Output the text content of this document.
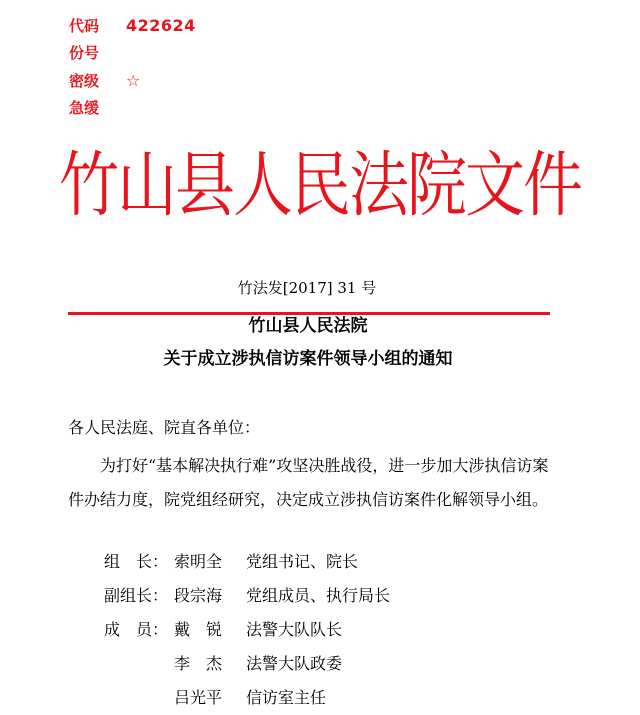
代码 422624
份号
密级 ☆
急缓
竹山县人民法院文件
竹法发[2017] 31 号
竹山县人民法院
关于成立涉执信访案件领导小组的通知
各人民法庭、院直各单位：
为打好“基本解决执行难”攻坚决胜战役，进一步加大涉执信访案件办结力度，院党组经研究，决定成立涉执信访案件化解领导小组。
组　长： 索明全 党组书记、院长
副组长： 段宗海 党组成员、执行局长
成　员： 戴　锐 法警大队队长
李　杰 法警大队政委
吕光平 信访室主任
